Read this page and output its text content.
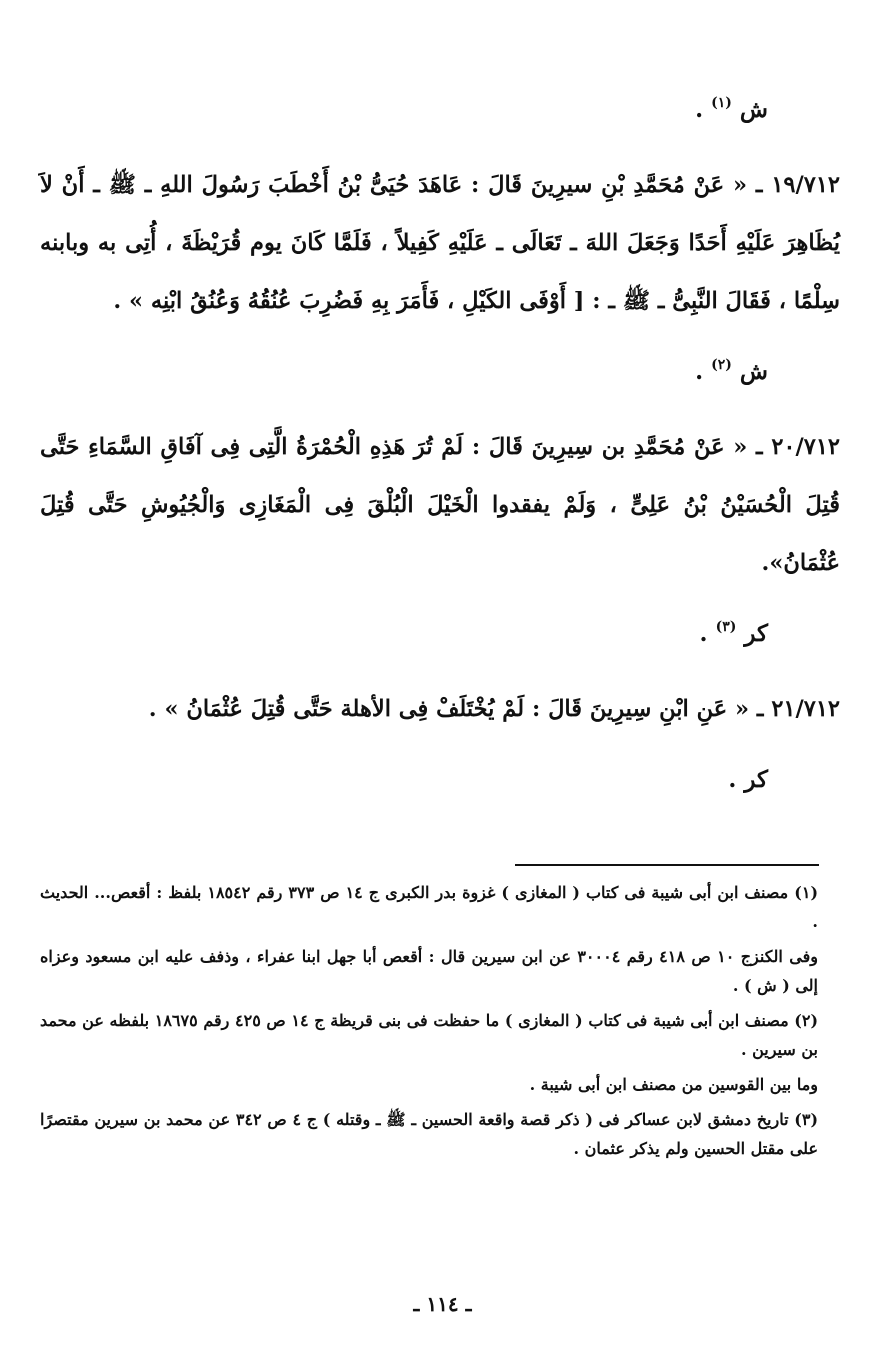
ش $^{(١)}$ .

١٩/٧١٢ ـ « عَنْ مُحَمَّدِ بْنِ سيرِينَ قَالَ : عَاهَدَ حُيَىُّ بْنُ أَخْطَبَ رَسُولَ اللهِ ـ ﷺ ـ أَنْ لاَ يُظَاهِرَ عَلَيْهِ أَحَدًا وَجَعَلَ اللهَ ـ تَعَالَى ـ عَلَيْهِ كَفِيلاً ، فَلَمَّا كَانَ يوم قُرَيْظَةَ ، أُتِى به وبابنه سِلْمًا ، فَقَالَ النَّبِىُّ ـ ﷺ ـ : [ أَوْفَى الكَيْلِ ، فَأَمَرَ بِهِ فَضُرِبَ عُنُقُهُ وَعُنُقُ ابْنِه » .

ش $^{(٢)}$ .

٢٠/٧١٢ ـ « عَنْ مُحَمَّدِ بن سِيرِينَ قَالَ : لَمْ تُرَ هَذِهِ الْحُمْرَةُ الَّتِى فِى آفَاقِ السَّمَاءِ حَتَّى قُتِلَ الْحُسَيْنُ بْنُ عَلِىٍّ ، وَلَمْ يفقدوا الْخَيْلَ الْبُلْقَ فِى الْمَغَازِى وَالْجُيُوشِ حَتَّى قُتِلَ عُثْمَانُ».

كر $^{(٣)}$ .

٢١/٧١٢ ـ « عَنِ ابْنِ سِيرِينَ قَالَ : لَمْ يُخْتَلَفْ فِى الأهلة حَتَّى قُتِلَ عُثْمَانُ » .

كر .

(١) مصنف ابن أبى شيبة فى كتاب ( المغازى ) غزوة بدر الكبرى ج ١٤ ص ٣٧٣ رقم ١٨٥٤٢ بلفظ : أقعص... الحديث .

وفى الكنزج ١٠ ص ٤١٨ رقم ٣٠٠٠٤ عن ابن سيرين قال : أقعص أبا جهل ابنا عفراء ، وذفف عليه ابن مسعود وعزاه إلى ( ش ) .

(٢) مصنف ابن أبى شيبة فى كتاب ( المغازى ) ما حفظت فى بنى قريظة ج ١٤ ص ٤٢٥ رقم ١٨٦٧٥ بلفظه عن محمد بن سيرين .

وما بين القوسين من مصنف ابن أبى شيبة .

(٣) تاريخ دمشق لابن عساكر فى ( ذكر قصة واقعة الحسين ـ ﷺ ـ وقتله ) ج ٤ ص ٣٤٢ عن محمد بن سيرين مقتصرًا على مقتل الحسين ولم يذكر عثمان .

ـ ١١٤ ـ
